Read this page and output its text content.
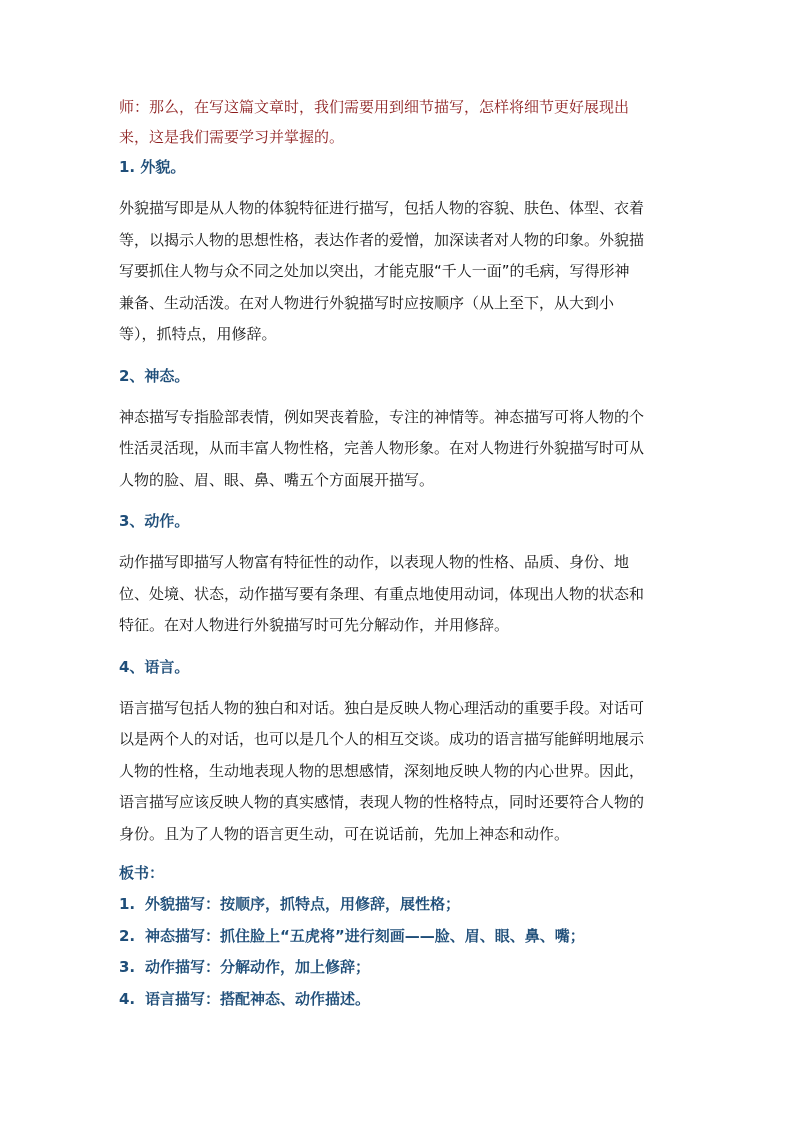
师：那么，在写这篇文章时，我们需要用到细节描写，怎样将细节更好展现出
来，这是我们需要学习并掌握的。

1. 外貌。

外貌描写即是从人物的体貌特征进行描写，包括人物的容貌、肤色、体型、衣着
等，以揭示人物的思想性格，表达作者的爱憎，加深读者对人物的印象。外貌描
写要抓住人物与众不同之处加以突出，才能克服“千人一面”的毛病，写得形神
兼备、生动活泼。在对人物进行外貌描写时应按顺序（从上至下，从大到小
等），抓特点，用修辞。

2、神态。

神态描写专指脸部表情，例如哭丧着脸，专注的神情等。神态描写可将人物的个
性活灵活现，从而丰富人物性格，完善人物形象。在对人物进行外貌描写时可从
人物的脸、眉、眼、鼻、嘴五个方面展开描写。

3、动作。

动作描写即描写人物富有特征性的动作，以表现人物的性格、品质、身份、地
位、处境、状态，动作描写要有条理、有重点地使用动词，体现出人物的状态和
特征。在对人物进行外貌描写时可先分解动作，并用修辞。

4、语言。

语言描写包括人物的独白和对话。独白是反映人物心理活动的重要手段。对话可
以是两个人的对话，也可以是几个人的相互交谈。成功的语言描写能鲜明地展示
人物的性格，生动地表现人物的思想感情，深刻地反映人物的内心世界。因此，
语言描写应该反映人物的真实感情，表现人物的性格特点，同时还要符合人物的
身份。且为了人物的语言更生动，可在说话前，先加上神态和动作。

板书：

1. 外貌描写：按顺序，抓特点，用修辞，展性格；
2. 神态描写：抓住脸上“五虎将”进行刻画——脸、眉、眼、鼻、嘴；
3. 动作描写：分解动作，加上修辞；
4. 语言描写：搭配神态、动作描述。
